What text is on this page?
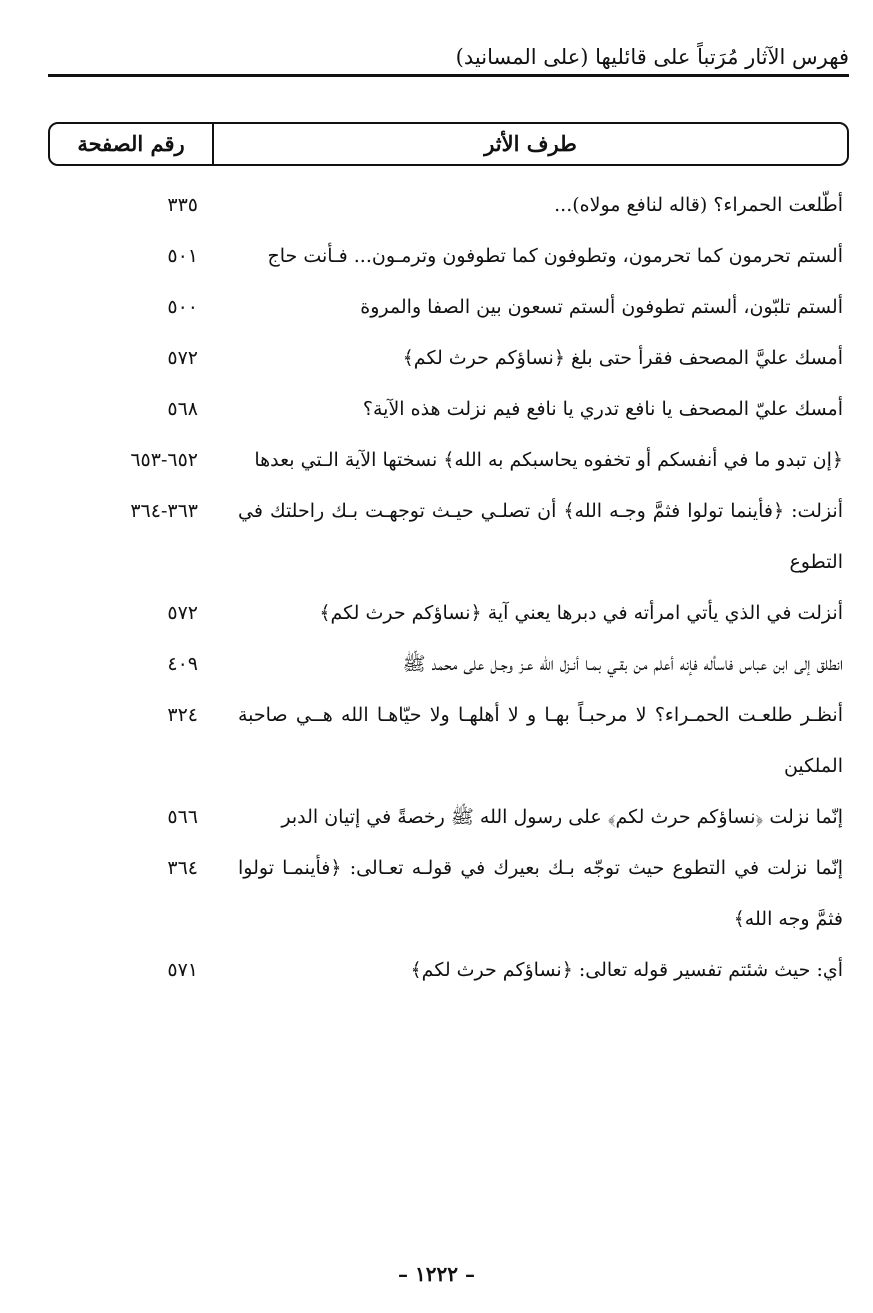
فهرس الآثار مُرَتباً على قائليها (على المسانيد)
طرف الأثر
رقم الصفحة
أطّلعت الحمراء؟ (قاله لنافع مولاه)...
٣٣٥
ألستم تحرمون كما تحرمون، وتطوفون كما تطوفون وترمـون... فـأنت حاج
٥٠١
ألستم تلبّون، ألستم تطوفون ألستم تسعون بين الصفا والمروة
٥٠٠
أمسك عليَّ المصحف فقرأ حتى بلغ ﴿نساؤكم حرث لكم﴾
٥٧٢
أمسك عليّ المصحف يا نافع تدري يا نافع فيم نزلت هذه الآية؟
٥٦٨
﴿إن تبدو ما في أنفسكم أو تخفوه يحاسبكم به الله﴾ نسختها الآية الـتي بعدها
٦٥٢-٦٥٣
أنزلت: ﴿فأينما تولوا فثمَّ وجـه الله﴾ أن تصلـي حيـث توجهـت بـك راحلتك في التطوع
٣٦٣-٣٦٤
أنزلت في الذي يأتي امرأته في دبرها يعني آية ﴿نساؤكم حرث لكم﴾
٥٧٢
انطلق إلى ابن عباس فاسأله فإنه أعلم من بقـي بمـا أنـزل الله عـز وجـل على محمد ﷺ
٤٠٩
أنظـر طلعـت الحمـراء؟ لا مرحبـاً بهـا و لا أهلهـا ولا حيّاهـا الله هــي صاحبة الملكين
٣٢٤
إنّما نزلت ﴿نساؤكم حرث لكم﴾ على رسول الله ﷺ رخصةً في إتيان الدبر
٥٦٦
إنّما نزلت في التطوع حيث توجّه بـك بعيرك في قولـه تعـالى: ﴿فأينمـا تولوا فثمَّ وجه الله﴾
٣٦٤
أي: حيث شئتم تفسير قوله تعالى: ﴿نساؤكم حرث لكم﴾
٥٧١
– ١٢٢٢ –
